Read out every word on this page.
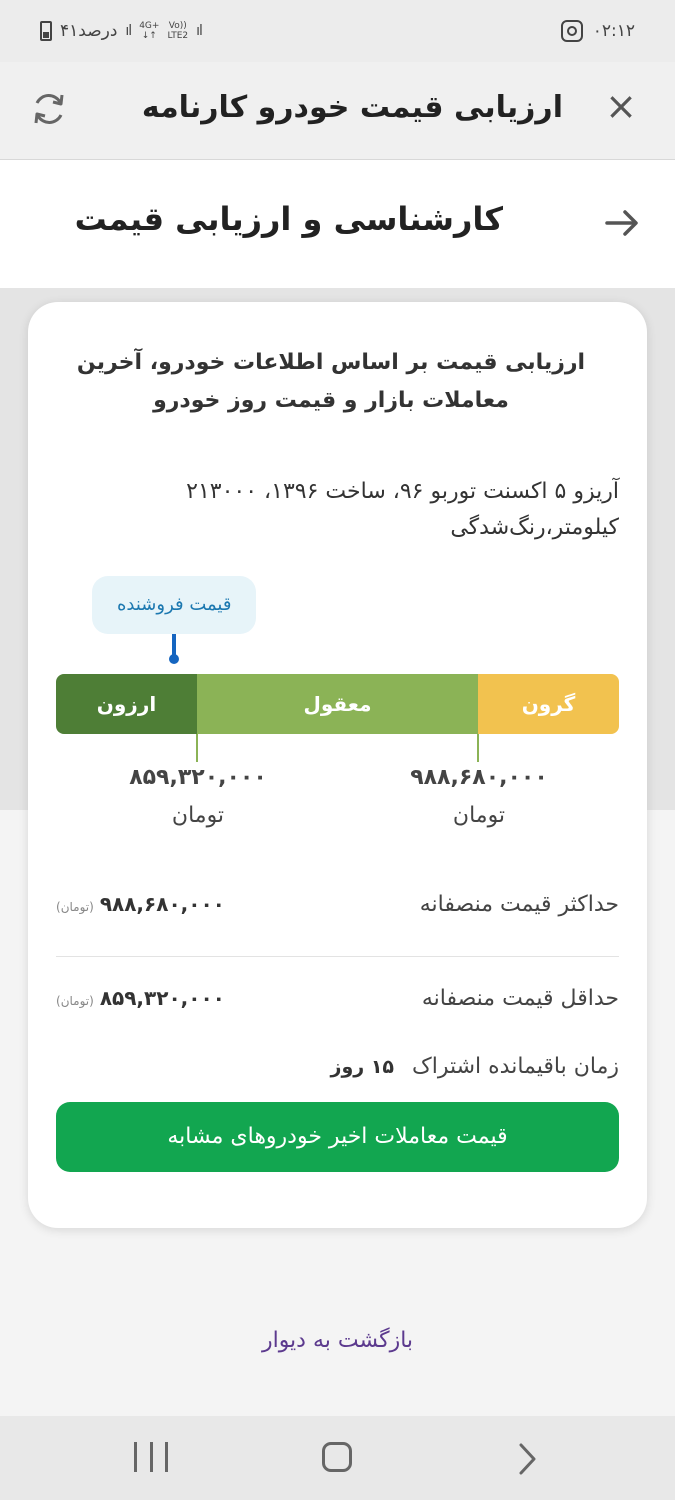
۴۱درصد ıl 4G+
↓↑
Vo))
LTE2 ıl	۰۲:۱۲
ارزیابی قیمت خودرو کارنامه ×
کارشناسی و ارزیابی قیمت
ارزیابی قیمت بر اساس اطلاعات خودرو، آخرین معاملات بازار و قیمت روز خودرو
آریزو ۵ اکسنت توربو ۹۶، ساخت ۱۳۹۶، ۲۱۳۰۰۰ کیلومتر،رنگ‌شدگی
قیمت فروشنده
ارزون	معقول	گرون
۸۵۹,۳۲۰,۰۰۰
تومان
۹۸۸,۶۸۰,۰۰۰
تومان
حداکثر قیمت منصفانه
(تومان) ۹۸۸,۶۸۰,۰۰۰
حداقل قیمت منصفانه
(تومان) ۸۵۹,۳۲۰,۰۰۰
زمان باقیمانده اشتراک
۱۵ روز
قیمت معاملات اخیر خودروهای مشابه
بازگشت به دیوار
